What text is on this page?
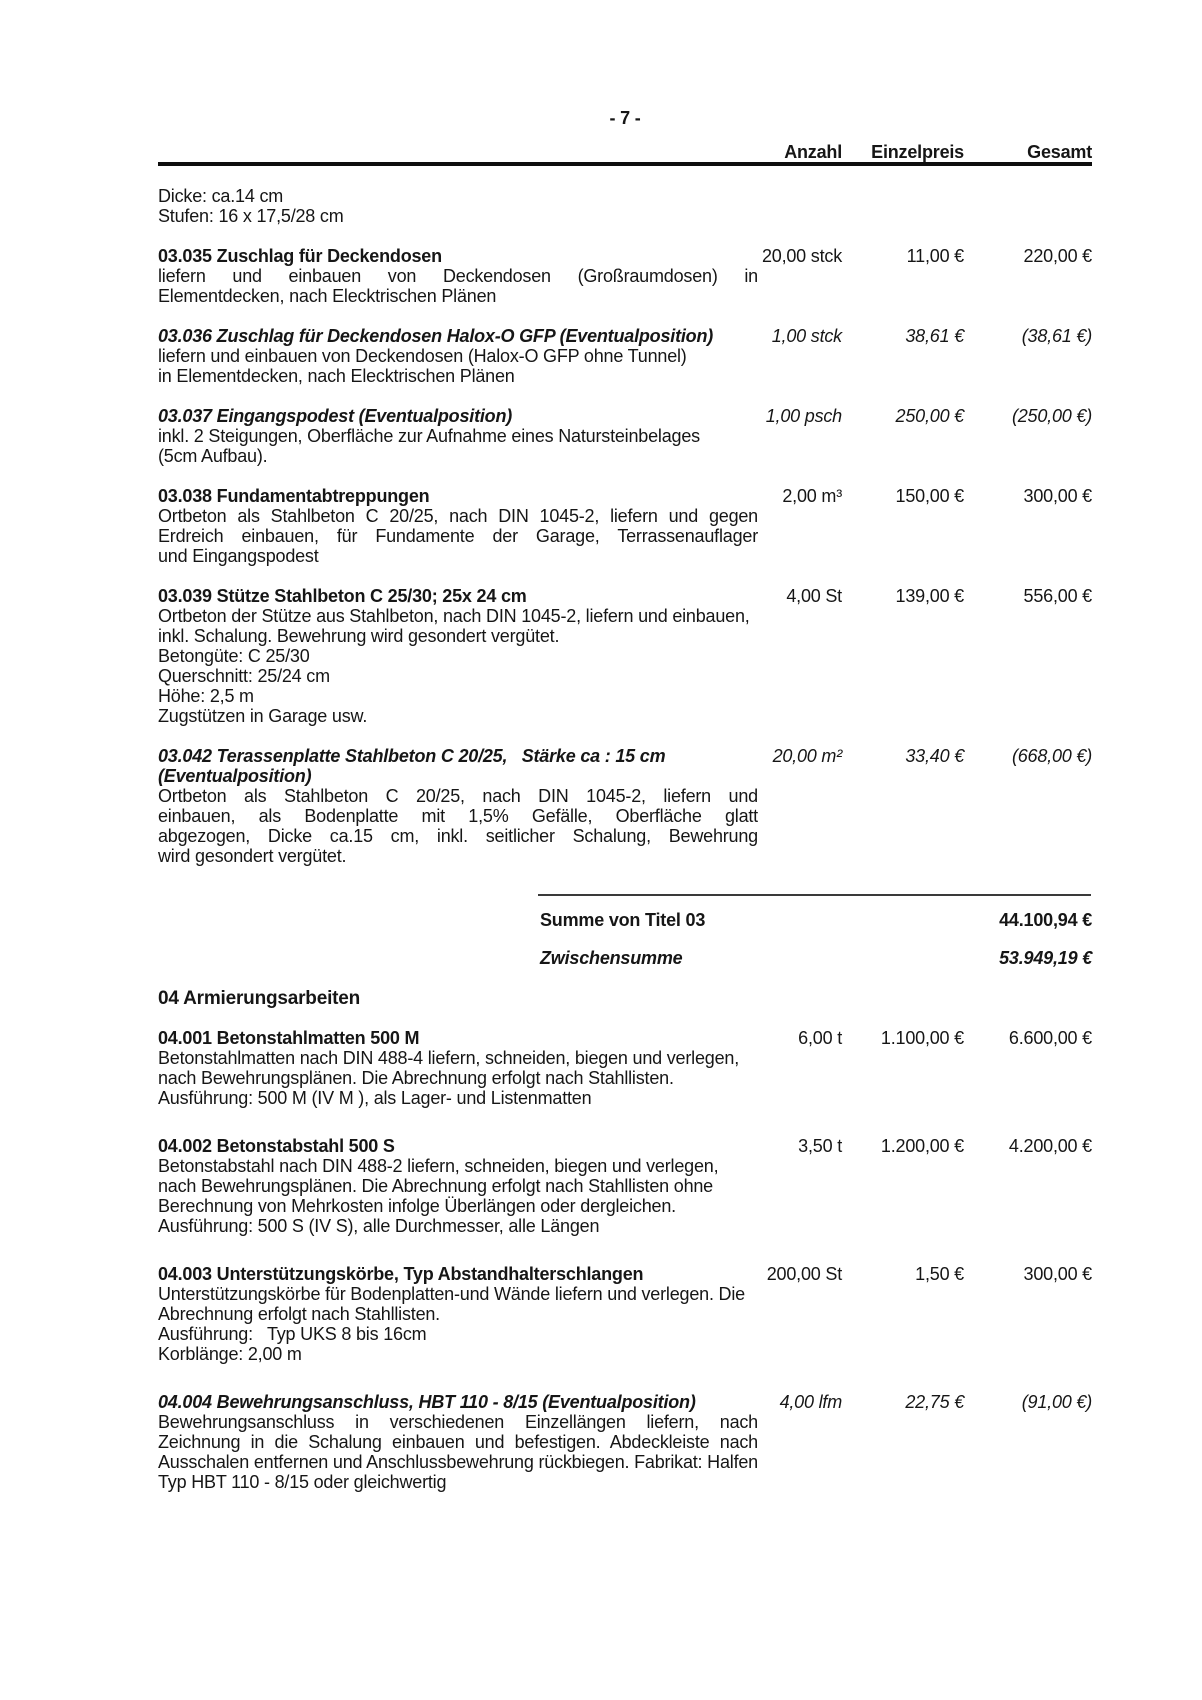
- 7 -
Anzahl	Einzelpreis	Gesamt
Dicke: ca.14 cm
Stufen: 16 x 17,5/28 cm
03.035 Zuschlag für Deckendosen
liefern und einbauen von Deckendosen (Großraumdosen) in
Elementdecken, nach Elecktrischen Plänen
20,00 stck	11,00 €	220,00 €
03.036 Zuschlag für Deckendosen Halox-O GFP (Eventualposition)
liefern und einbauen von Deckendosen (Halox-O GFP ohne Tunnel)
in Elementdecken, nach Elecktrischen Plänen
1,00 stck	38,61 €	(38,61 €)
03.037 Eingangspodest (Eventualposition)
inkl. 2 Steigungen, Oberfläche zur Aufnahme eines Natursteinbelages
(5cm Aufbau).
1,00 psch	250,00 €	(250,00 €)
03.038 Fundamentabtreppungen
Ortbeton als Stahlbeton C 20/25, nach DIN 1045-2, liefern und gegen
Erdreich einbauen, für Fundamente der Garage, Terrassenauflager
und Eingangspodest
2,00 m³	150,00 €	300,00 €
03.039 Stütze Stahlbeton C 25/30; 25x 24 cm
Ortbeton der Stütze aus Stahlbeton, nach DIN 1045-2, liefern und einbauen,
inkl. Schalung. Bewehrung wird gesondert vergütet.
Betongüte: C 25/30
Querschnitt: 25/24 cm
Höhe: 2,5 m
Zugstützen in Garage usw.
4,00 St	139,00 €	556,00 €
03.042 Terassenplatte Stahlbeton C 20/25,   Stärke ca : 15 cm
(Eventualposition)
Ortbeton als Stahlbeton C 20/25, nach DIN 1045-2, liefern und
einbauen, als Bodenplatte mit 1,5% Gefälle, Oberfläche glatt
abgezogen, Dicke ca.15 cm, inkl. seitlicher Schalung, Bewehrung
wird gesondert vergütet.
20,00 m²	33,40 €	(668,00 €)
Summe von Titel 03	44.100,94 €
Zwischensumme	53.949,19 €
04 Armierungsarbeiten
04.001 Betonstahlmatten 500 M
Betonstahlmatten nach DIN 488-4 liefern, schneiden, biegen und verlegen,
nach Bewehrungsplänen. Die Abrechnung erfolgt nach Stahllisten.
Ausführung: 500 M (IV M ), als Lager- und Listenmatten
6,00 t	1.100,00 €	6.600,00 €
04.002 Betonstabstahl 500 S
Betonstabstahl nach DIN 488-2 liefern, schneiden, biegen und verlegen,
nach Bewehrungsplänen. Die Abrechnung erfolgt nach Stahllisten ohne
Berechnung von Mehrkosten infolge Überlängen oder dergleichen.
Ausführung: 500 S (IV S), alle Durchmesser, alle Längen
3,50 t	1.200,00 €	4.200,00 €
04.003 Unterstützungskörbe, Typ Abstandhalterschlangen
Unterstützungskörbe für Bodenplatten-und Wände liefern und verlegen. Die
Abrechnung erfolgt nach Stahllisten.
Ausführung:   Typ UKS 8 bis 16cm
Korblänge: 2,00 m
200,00 St	1,50 €	300,00 €
04.004 Bewehrungsanschluss, HBT 110 - 8/15 (Eventualposition)
Bewehrungsanschluss in verschiedenen Einzellängen liefern, nach
Zeichnung in die Schalung einbauen und befestigen. Abdeckleiste nach
Ausschalen entfernen und Anschlussbewehrung rückbiegen. Fabrikat: Halfen
Typ HBT 110 - 8/15 oder gleichwertig
4,00 lfm	22,75 €	(91,00 €)
